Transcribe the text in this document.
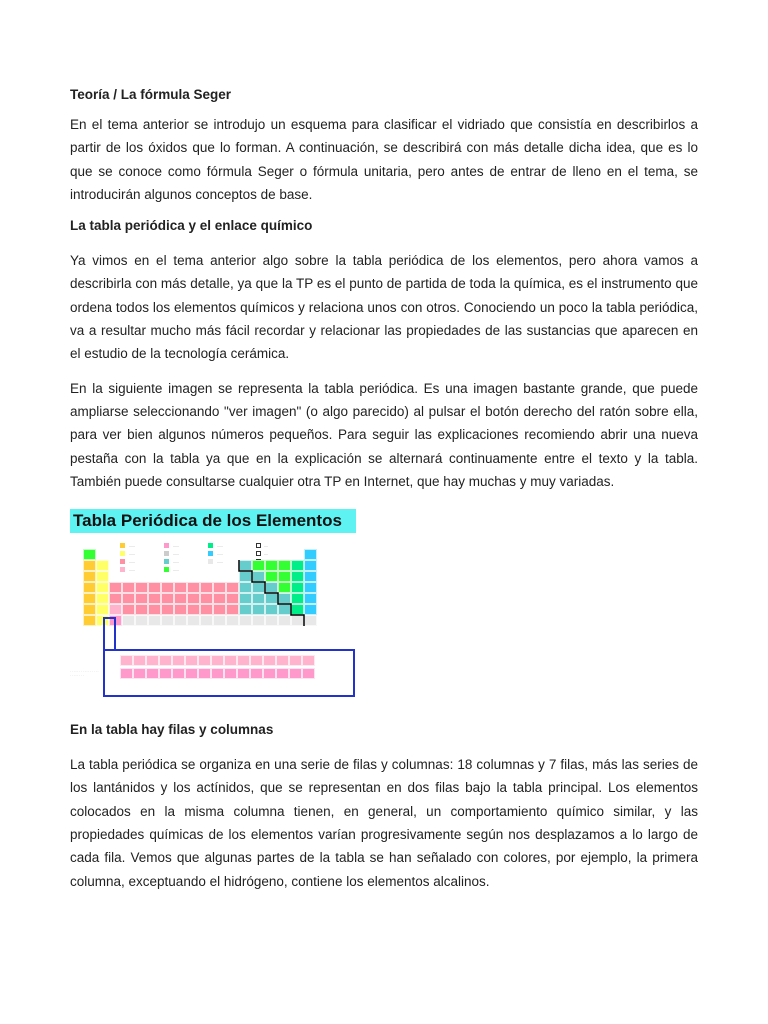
Teoría / La fórmula Seger

En el tema anterior se introdujo un esquema para clasificar el vidriado que consistía en describirlos a partir de los óxidos que lo forman. A continuación, se describirá con más detalle dicha idea, que es lo que se conoce como fórmula Seger o fórmula unitaria, pero antes de entrar de lleno en el tema, se introducirán algunos conceptos de base.

La tabla periódica y el enlace químico

Ya vimos en el tema anterior algo sobre la tabla periódica de los elementos, pero ahora vamos a describirla con más detalle, ya que la TP es el punto de partida de toda la química, es el instrumento que ordena todos los elementos químicos y relaciona unos con otros. Conociendo un poco la tabla periódica, va a resultar mucho más fácil recordar y relacionar las propiedades de las sustancias que aparecen en el estudio de la tecnología cerámica.

En la siguiente imagen se representa la tabla periódica. Es una imagen bastante grande, que puede ampliarse seleccionando "ver imagen" (o algo parecido) al pulsar el botón derecho del ratón sobre ella, para ver bien algunos números pequeños. Para seguir las explicaciones recomiendo abrir una nueva pestaña con la tabla ya que en la explicación se alternará continuamente entre el texto y la tabla. También puede consultarse cualquier otra TP en Internet, que hay muchas y muy variadas.

Tabla Periódica de los Elementos
......
......
......
......
......
......
......
......
......
......
......
....
....
· · · · · · · · · · · · · · · · · · · · · · · ·
En la tabla hay filas y columnas

La tabla periódica se organiza en una serie de filas y columnas: 18 columnas y 7 filas, más las series de los lantánidos y los actínidos, que se representan en dos filas bajo la tabla principal. Los elementos colocados en la misma columna tienen, en general, un comportamiento químico similar, y las propiedades químicas de los elementos varían progresivamente según nos desplazamos a lo largo de cada fila. Vemos que algunas partes de la tabla se han señalado con colores, por ejemplo, la primera columna, exceptuando el hidrógeno, contiene los elementos alcalinos.
